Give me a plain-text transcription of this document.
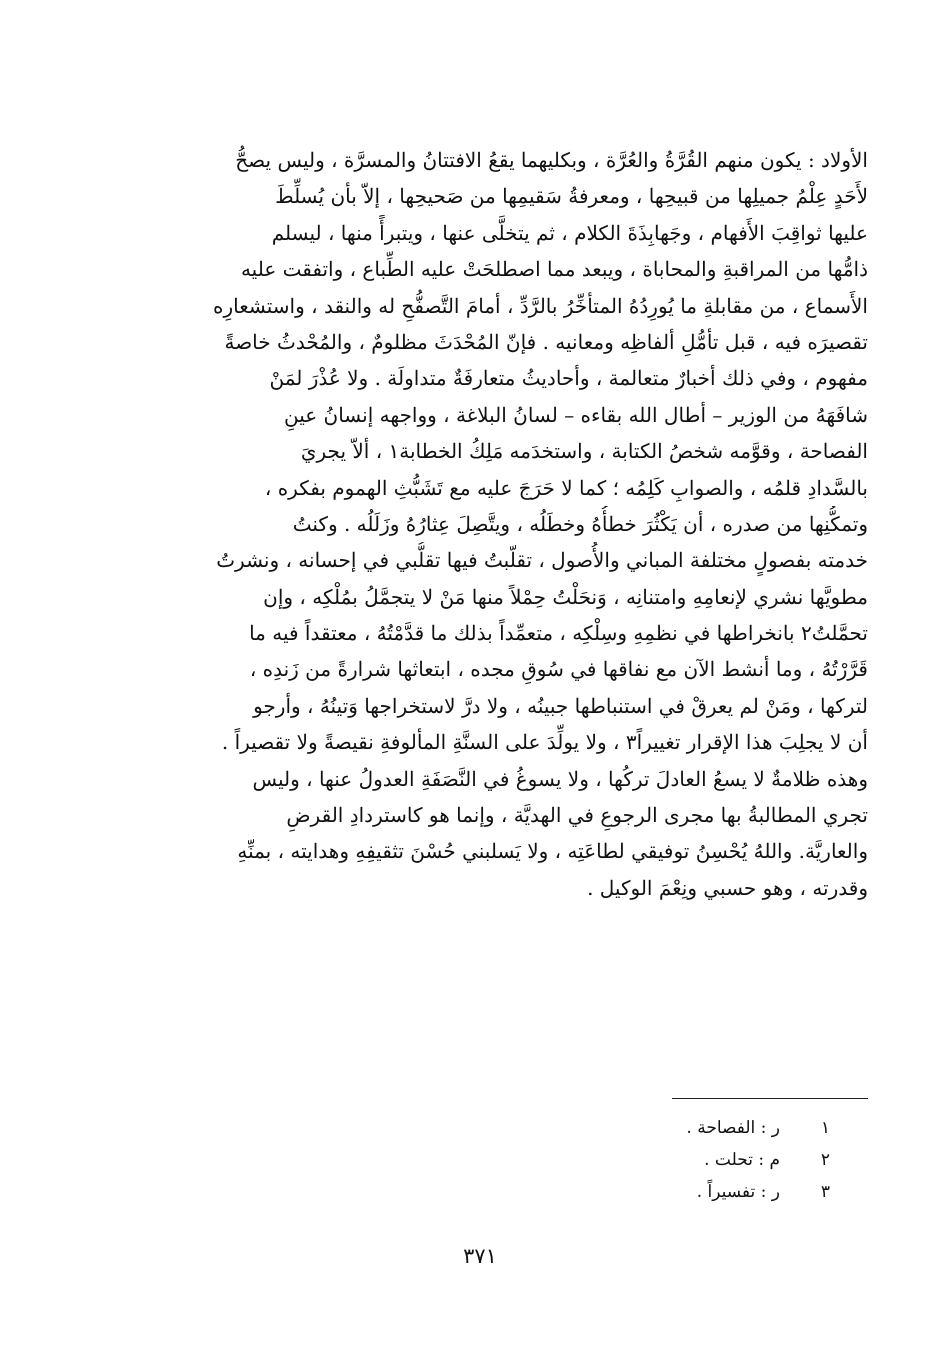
الأولاد : يكون منهم القُرَّةُ والعُرَّة ، وبكليهما يقعُ الافتتانُ والمسرَّة ، وليس يصحُّ
لأَحَدٍ عِلْمُ جميلِها من قبيحِها ، ومعرفةُ سَقيمِها من صَحيحِها ، إلاّ بأن يُسلِّطَ
عليها ثواقِبَ الأَفهام ، وجَهابِذَةَ الكلام ، ثم يتخلَّى عنها ، ويتبرأً منها ، ليسلم
ذامُّها من المراقبةِ والمحاباة ، ويبعد مما اصطلحَتْ عليه الطِّباع ، واتفقت عليه
الأَسماع ، من مقابلةِ ما يُورِدُهُ المتأخِّرُ بالرَّدِّ ، أمامَ التَّصفُّحِ له والنقد ، واستشعارِه
تقصيرَه فيه ، قبل تأمُّلِ ألفاظِه ومعانيه . فإنّ المُحْدَثَ مظلومٌ ، والمُحْدثُ خاصةً
مفهوم ، وفي ذلك أخبارٌ متعالمة ، وأحاديثُ متعارفَةٌ متداولَة . ولا عُذْرَ لمَنْ
شافَهَهُ من الوزير – أطال الله بقاءه – لسانُ البلاغة ، وواجهه إنسانُ عينِ
الفصاحة ، وقوَّمه شخصُ الكتابة ، واستخدَمه مَلِكُ الخطابة١ ، ألاّ يجريَ
بالسَّدادِ قلمُه ، والصوابِ كَلِمُه ؛ كما لا حَرَجَ عليه مع تَشَبُّثِ الهموم بفكره ،
وتمكُّنِها من صدره ، أن يَكْثُرَ خطأُهُ وخطَلُه ، ويتَّصِلَ عِثارُهُ وزَلَلُه . وكنتُ
خدمته بفصولٍ مختلفة المباني والأُصول ، تقلّبتُ فيها تقلُّبي في إحسانه ، ونشرتُ
مطويَّها نشري لإنعامِهِ وامتنانِه ، وَنحَلْتُ حِمْلاً منها مَنْ لا يتجمَّلُ بمُلْكِه ، وإن
تحمَّلتُ٢ بانخراطها في نظمِهِ وسِلْكِه ، متعمِّداً بذلك ما قدَّمْتُهُ ، معتقداً فيه ما
قَرَّرْتُهُ ، وما أنشط الآن مع نفاقها في سُوقِ مجده ، ابتعاثها شرارةً من زَندِه ،
لتركها ، ومَنْ لم يعرقْ في استنباطها جبينُه ، ولا درَّ لاستخراجها وَتينُهُ ، وأرجو
أن لا يجلِبَ هذا الإقرار تغييراً٣ ، ولا يولِّدَ على السنَّةِ المألوفةِ نقيصةً ولا تقصيراً .
وهذه ظلامةٌ لا يسعُ العادلَ تركُها ، ولا يسوغُ في النَّصَفَةِ العدولُ عنها ، وليس
تجري المطالبةُ بها مجرى الرجوعِ في الهديَّة ، وإنما هو كاستردادِ القرضِ
والعاريَّة. واللهُ يُحْسِنُ توفيقي لطاعَتِه ، ولا يَسلبني حُسْنَ تثقيفِهِ وهدايته ، بمنِّهِ
وقدرته ، وهو حسبي ونِعْمَ الوكيل .
١
ر : الفصاحة .
٢
م : تحلت .
٣
ر : تفسيراً .
٣٧١
